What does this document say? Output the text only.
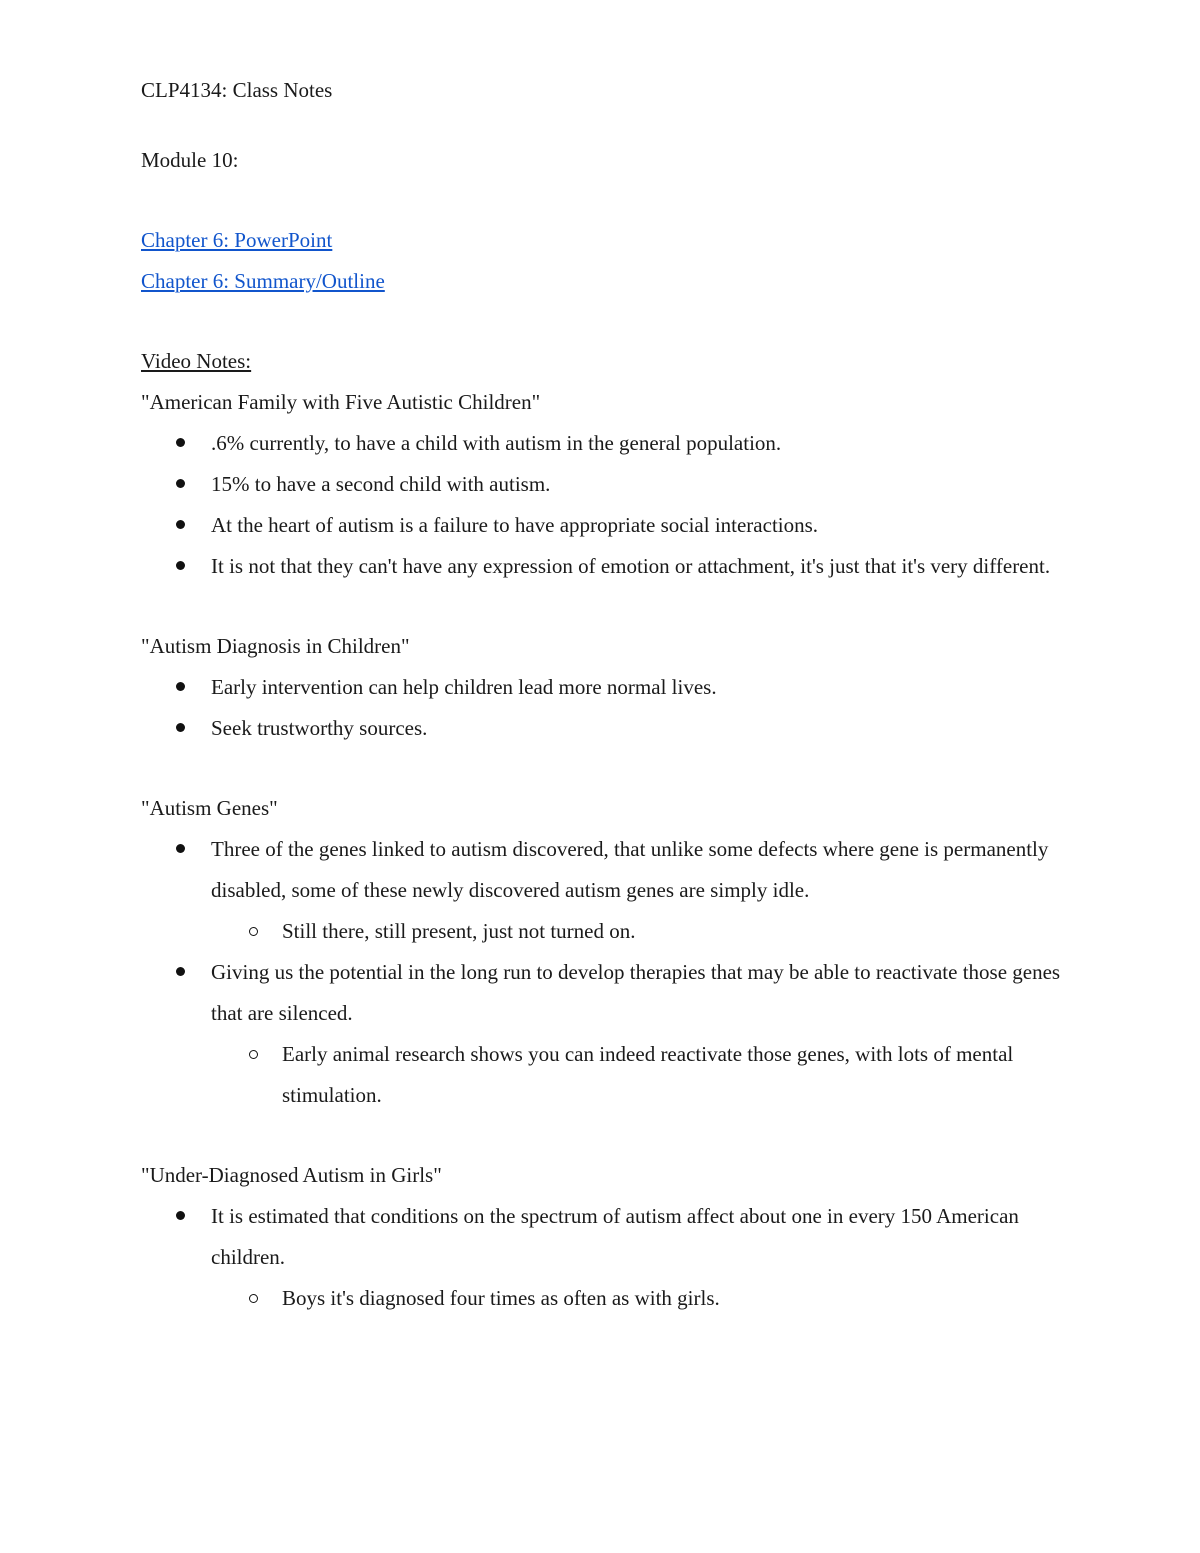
CLP4134: Class Notes
Module 10:
Chapter 6: PowerPoint
Chapter 6: Summary/Outline
Video Notes:
"American Family with Five Autistic Children"
.6% currently, to have a child with autism in the general population.
15% to have a second child with autism.
At the heart of autism is a failure to have appropriate social interactions.
It is not that they can't have any expression of emotion or attachment, it's just that it's very different.
"Autism Diagnosis in Children"
Early intervention can help children lead more normal lives.
Seek trustworthy sources.
"Autism Genes"
Three of the genes linked to autism discovered, that unlike some defects where gene is permanently disabled, some of these newly discovered autism genes are simply idle.
Still there, still present, just not turned on.
Giving us the potential in the long run to develop therapies that may be able to reactivate those genes that are silenced.
Early animal research shows you can indeed reactivate those genes, with lots of mental stimulation.
"Under-Diagnosed Autism in Girls"
It is estimated that conditions on the spectrum of autism affect about one in every 150 American children.
Boys it's diagnosed four times as often as with girls.
